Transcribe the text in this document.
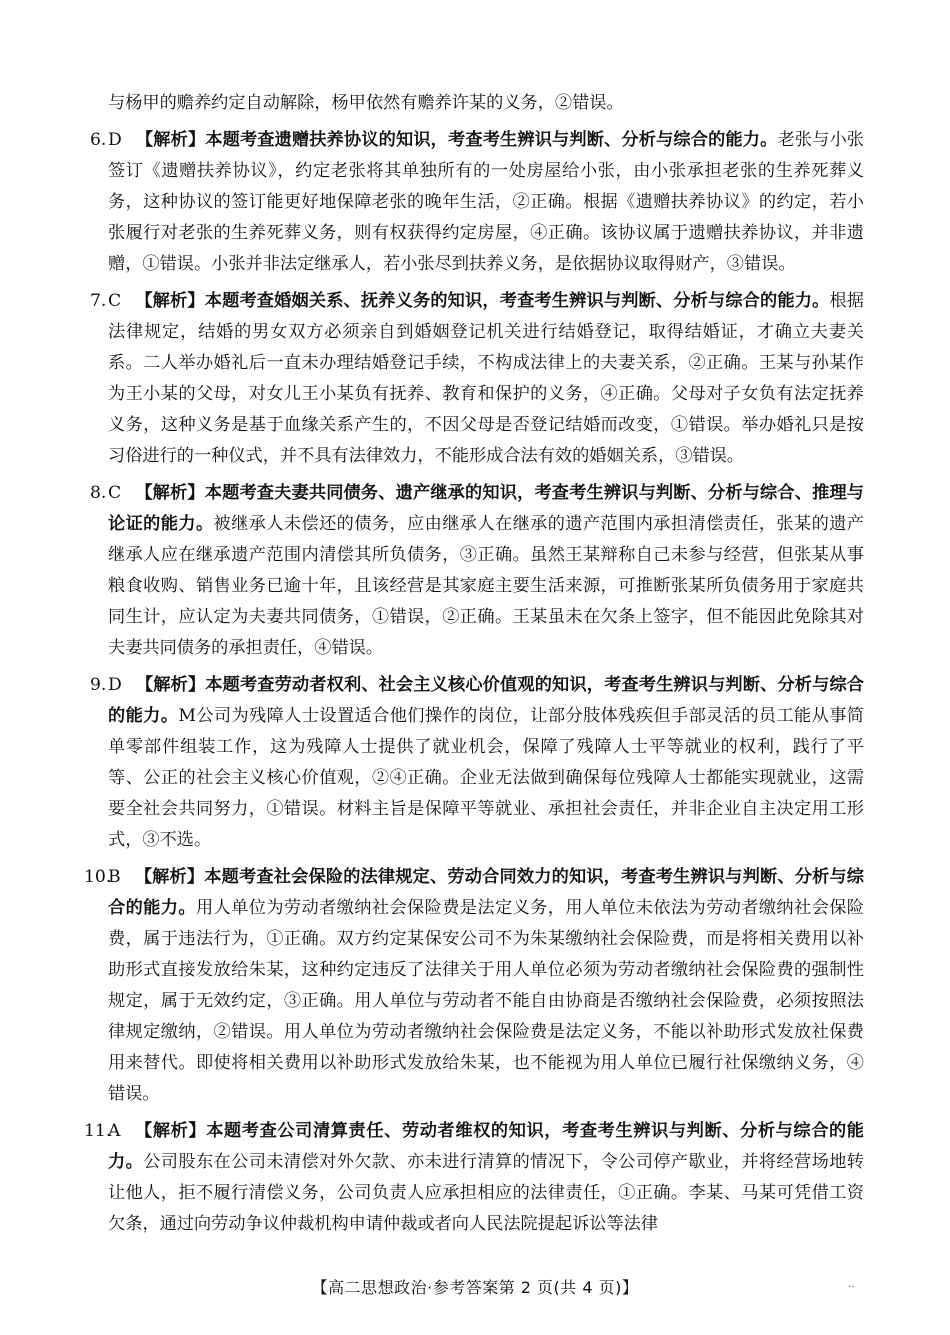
与杨甲的赡养约定自动解除，杨甲依然有赡养许某的义务，②错误。

6. D 【解析】本题考查遗赠扶养协议的知识，考查考生辨识与判断、分析与综合的能力。老张与小张签订《遗赠扶养协议》，约定老张将其单独所有的一处房屋给小张，由小张承担老张的生养死葬义务，这种协议的签订能更好地保障老张的晚年生活，②正确。根据《遗赠扶养协议》的约定，若小张履行对老张的生养死葬义务，则有权获得约定房屋，④正确。该协议属于遗赠扶养协议，并非遗赠，①错误。小张并非法定继承人，若小张尽到扶养义务，是依据协议取得财产，③错误。

7. C 【解析】本题考查婚姻关系、抚养义务的知识，考查考生辨识与判断、分析与综合的能力。根据法律规定，结婚的男女双方必须亲自到婚姻登记机关进行结婚登记，取得结婚证，才确立夫妻关系。二人举办婚礼后一直未办理结婚登记手续，不构成法律上的夫妻关系，②正确。王某与孙某作为王小某的父母，对女儿王小某负有抚养、教育和保护的义务，④正确。父母对子女负有法定抚养义务，这种义务是基于血缘关系产生的，不因父母是否登记结婚而改变，①错误。举办婚礼只是按习俗进行的一种仪式，并不具有法律效力，不能形成合法有效的婚姻关系，③错误。

8. C 【解析】本题考查夫妻共同债务、遗产继承的知识，考查考生辨识与判断、分析与综合、推理与论证的能力。被继承人未偿还的债务，应由继承人在继承的遗产范围内承担清偿责任，张某的遗产继承人应在继承遗产范围内清偿其所负债务，③正确。虽然王某辩称自己未参与经营，但张某从事粮食收购、销售业务已逾十年，且该经营是其家庭主要生活来源，可推断张某所负债务用于家庭共同生计，应认定为夫妻共同债务，①错误，②正确。王某虽未在欠条上签字，但不能因此免除其对夫妻共同债务的承担责任，④错误。

9. D 【解析】本题考查劳动者权利、社会主义核心价值观的知识，考查考生辨识与判断、分析与综合的能力。M公司为残障人士设置适合他们操作的岗位，让部分肢体残疾但手部灵活的员工能从事简单零部件组装工作，这为残障人士提供了就业机会，保障了残障人士平等就业的权利，践行了平等、公正的社会主义核心价值观，②④正确。企业无法做到确保每位残障人士都能实现就业，这需要全社会共同努力，①错误。材料主旨是保障平等就业、承担社会责任，并非企业自主决定用工形式，③不选。

10.
B 【解析】本题考查社会保险的法律规定、劳动合同效力的知识，考查考生辨识与判断、分析与综合的能力。用人单位为劳动者缴纳社会保险费是法定义务，用人单位未依法为劳动者缴纳社会保险费，属于违法行为，①正确。双方约定某保安公司不为朱某缴纳社会保险费，而是将相关费用以补助形式直接发放给朱某，这种约定违反了法律关于用人单位必须为劳动者缴纳社会保险费的强制性规定，属于无效约定，③正确。用人单位与劳动者不能自由协商是否缴纳社会保险费，必须按照法律规定缴纳，②错误。用人单位为劳动者缴纳社会保险费是法定义务，不能以补助形式发放社保费用来替代。即使将相关费用以补助形式发放给朱某，也不能视为用人单位已履行社保缴纳义务，④错误。

11.
A 【解析】本题考查公司清算责任、劳动者维权的知识，考查考生辨识与判断、分析与综合的能力。公司股东在公司未清偿对外欠款、亦未进行清算的情况下，令公司停产歇业，并将经营场地转让他人，拒不履行清偿义务，公司负责人应承担相应的法律责任，①正确。李某、马某可凭借工资欠条，通过向劳动争议仲裁机构申请仲裁或者向人民法院提起诉讼等法律

【高二思想政治·参考答案第 2 页(共 4 页)】	‥
